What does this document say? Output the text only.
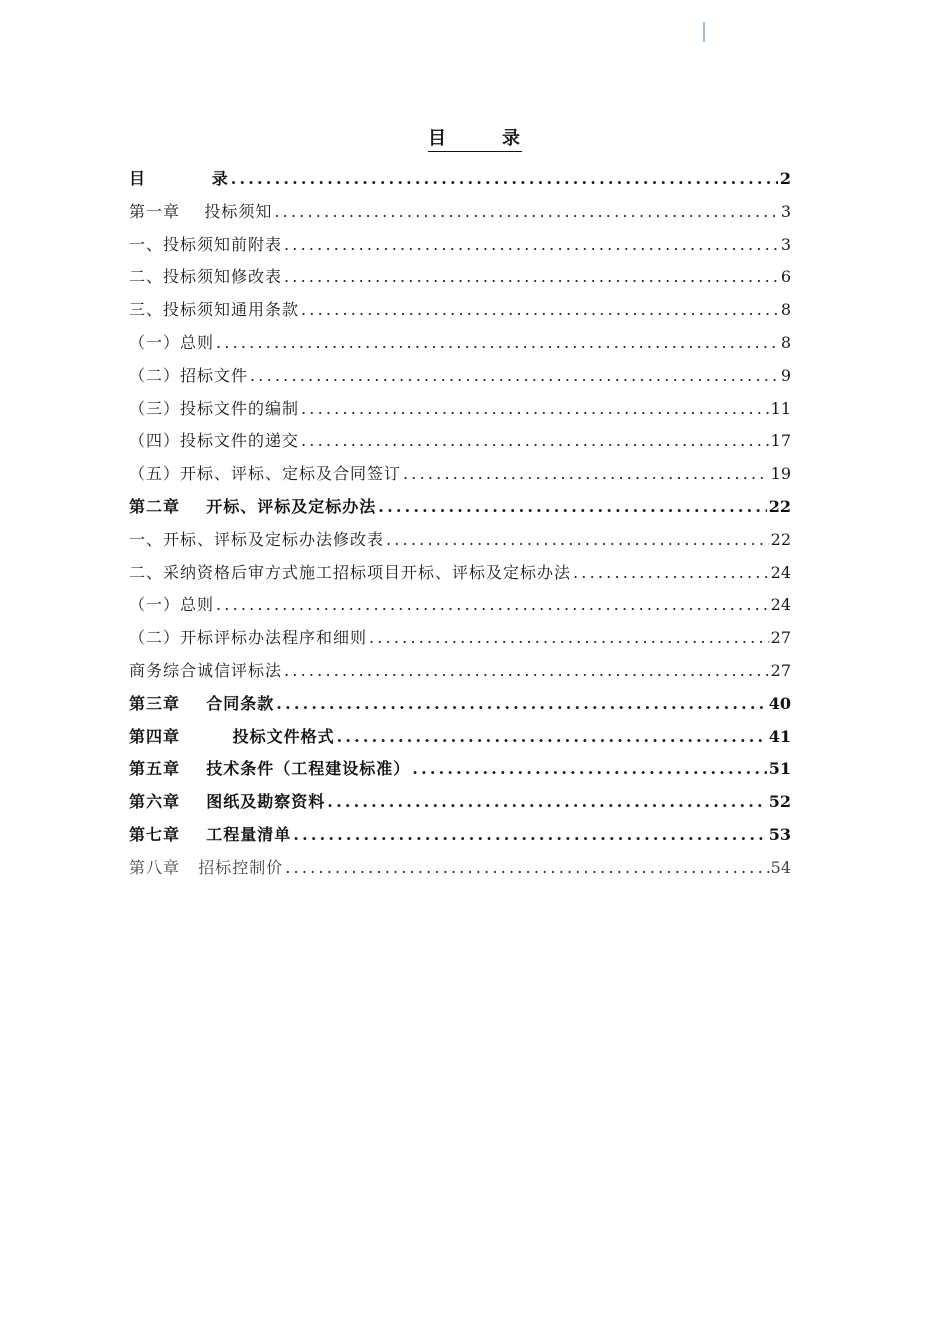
目	录
目          录 .....	2
第一章    投标须知 .....	3
一、投标须知前附表 .....	3
二、投标须知修改表 .....	6
三、投标须知通用条款 .....	8
（一）总则 .....	8
（二）招标文件 .....	9
（三）投标文件的编制 .....	11
（四）投标文件的递交 .....	17
（五）开标、评标、定标及合同签订 .....	19
第二章    开标、评标及定标办法 .....	22
一、开标、评标及定标办法修改表 .....	22
二、采纳资格后审方式施工招标项目开标、评标及定标办法 .....	24
（一）总则 .....	24
（二）开标评标办法程序和细则 .....	27
商务综合诚信评标法 .....	27
第三章    合同条款 .....	40
第四章        投标文件格式 .....	41
第五章    技术条件（工程建设标准） .....	51
第六章    图纸及勘察资料 .....	52
第七章    工程量清单 .....	53
第八章   招标控制价 .....	54
